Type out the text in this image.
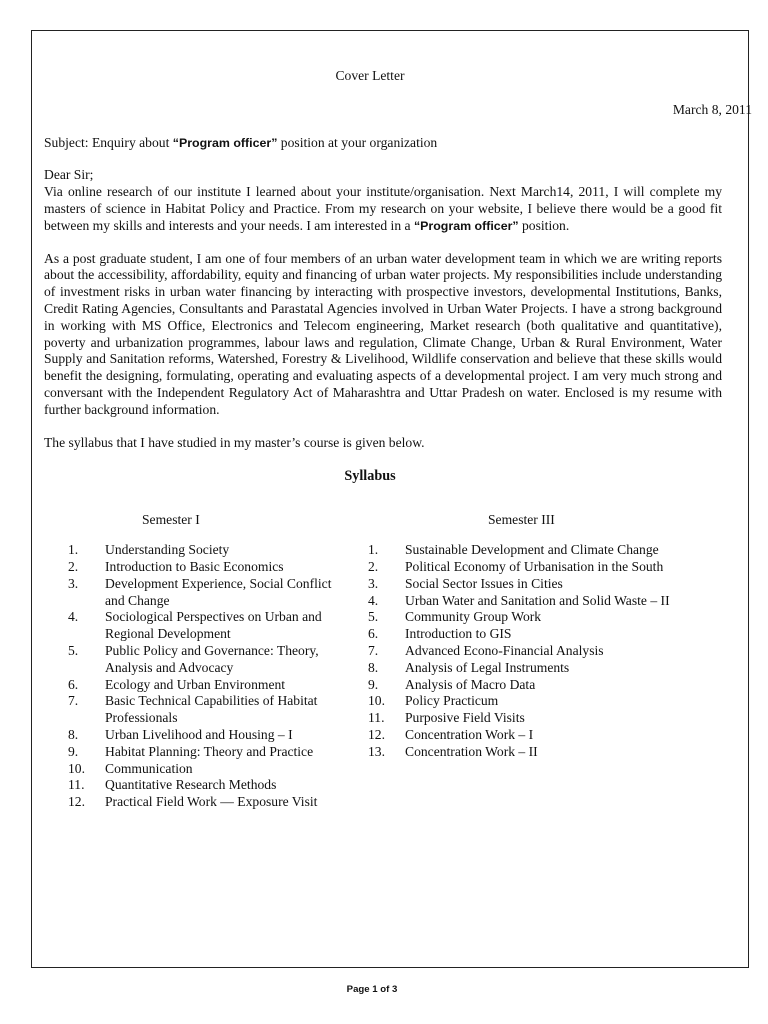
Cover Letter
March 8, 2011
Subject: Enquiry about “Program officer” position at your organization
Dear Sir;
Via online research of our institute I learned about your institute/organisation. Next March14, 2011, I will complete my masters of science in Habitat Policy and Practice. From my research on your website, I believe there would be a good fit between my skills and interests and your needs. I am interested in a “Program officer” position.
As a post graduate student, I am one of four members of an urban water development team in which we are writing reports about the accessibility, affordability, equity and financing of urban water projects. My responsibilities include understanding of investment risks in urban water financing by interacting with prospective investors, developmental Institutions, Banks, Credit Rating Agencies, Consultants and Parastatal Agencies involved in Urban Water Projects. I have a strong background in working with MS Office, Electronics and Telecom engineering, Market research (both qualitative and quantitative), poverty and urbanization programmes, labour laws and regulation, Climate Change, Urban & Rural Environment, Water Supply and Sanitation reforms, Watershed, Forestry & Livelihood, Wildlife conservation and believe that these skills would benefit the designing, formulating, operating and evaluating aspects of a developmental project. I am very much strong and conversant with the Independent Regulatory Act of Maharashtra and Uttar Pradesh on water. Enclosed is my resume with further background information.
The syllabus that I have studied in my master’s course is given below.
Syllabus
Semester I	Semester III
1.	Understanding Society
2.	Introduction to Basic Economics
3.	Development Experience, Social Conflict and Change
4.	Sociological Perspectives on Urban and Regional Development
5.	Public Policy and Governance: Theory, Analysis and Advocacy
6.	Ecology and Urban Environment
7.	Basic Technical Capabilities of Habitat Professionals
8.	Urban Livelihood and Housing – I
9.	Habitat Planning: Theory and Practice
10.	Communication
11.	Quantitative Research Methods
12.	Practical Field Work — Exposure Visit
1.	Sustainable Development and Climate Change
2.	Political Economy of Urbanisation in the South
3.	Social Sector Issues in Cities
4.	Urban Water and Sanitation and Solid Waste – II
5.	Community Group Work
6.	Introduction to GIS
7.	Advanced Econo-Financial Analysis
8.	Analysis of Legal Instruments
9.	Analysis of Macro Data
10.	Policy Practicum
11.	Purposive Field Visits
12.	Concentration Work – I
13.	Concentration Work – II
Page 1 of 3
